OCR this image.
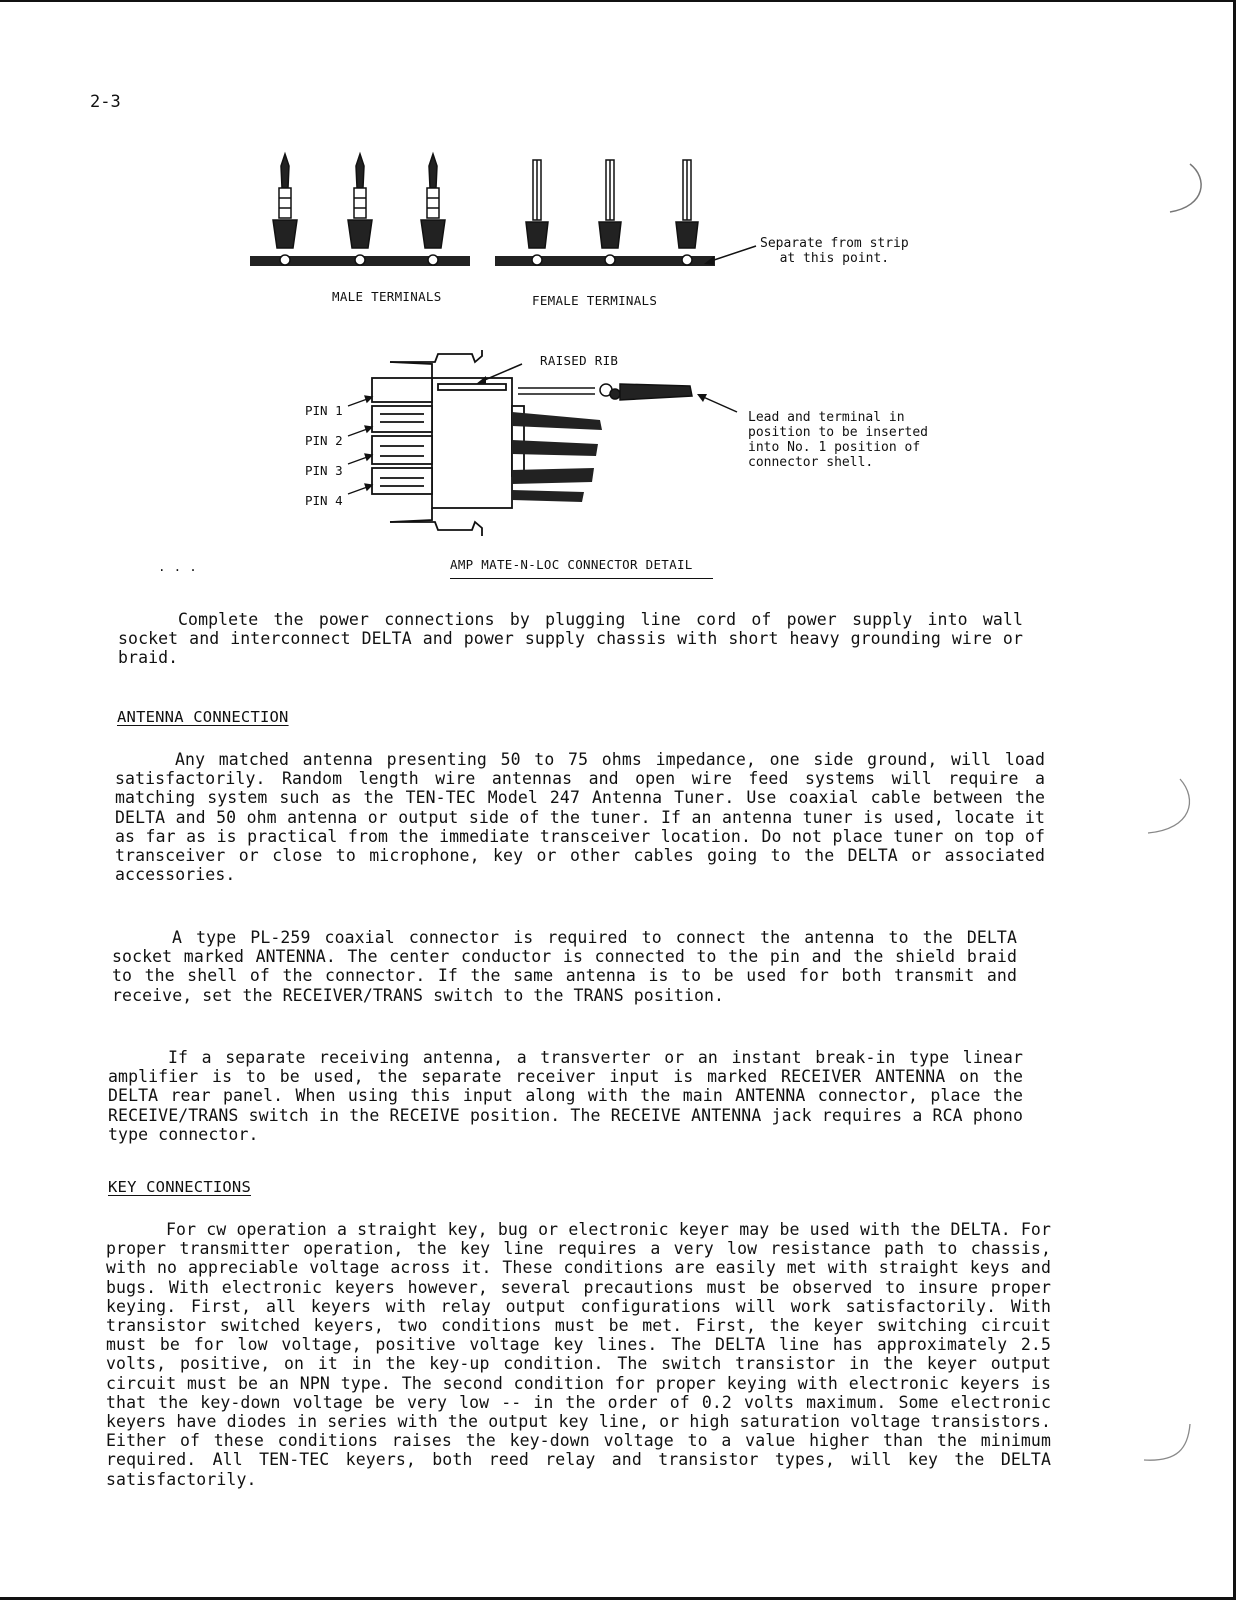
2-3
MALE TERMINALS	FEMALE TERMINALS
Separate from strip
at this point.
RAISED RIB
PIN 1
PIN 2
PIN 3
PIN 4
Lead and terminal in
position to be inserted
into No. 1 position of
connector shell.
AMP MATE-N-LOC CONNECTOR DETAIL
. . .
Complete the power connections by plugging line cord of power supply into wall socket and interconnect DELTA and power supply chassis with short heavy grounding wire or braid.
ANTENNA CONNECTION
Any matched antenna presenting 50 to 75 ohms impedance, one side ground, will load satisfactorily. Random length wire antennas and open wire feed systems will require a matching system such as the TEN-TEC Model 247 Antenna Tuner. Use coaxial cable between the DELTA and 50 ohm antenna or output side of the tuner. If an antenna tuner is used, locate it as far as is practical from the immediate transceiver location. Do not place tuner on top of transceiver or close to microphone, key or other cables going to the DELTA or associated accessories.
A type PL-259 coaxial connector is required to connect the antenna to the DELTA socket marked ANTENNA. The center conductor is connected to the pin and the shield braid to the shell of the connector. If the same antenna is to be used for both transmit and receive, set the RECEIVER/TRANS switch to the TRANS position.
If a separate receiving antenna, a transverter or an instant break-in type linear amplifier is to be used, the separate receiver input is marked RECEIVER ANTENNA on the DELTA rear panel. When using this input along with the main ANTENNA connector, place the RECEIVE/TRANS switch in the RECEIVE position. The RECEIVE ANTENNA jack requires a RCA phono type connector.
KEY CONNECTIONS
For cw operation a straight key, bug or electronic keyer may be used with the DELTA. For proper transmitter operation, the key line requires a very low resistance path to chassis, with no appreciable voltage across it. These conditions are easily met with straight keys and bugs. With electronic keyers however, several precautions must be observed to insure proper keying. First, all keyers with relay output configurations will work satisfactorily. With transistor switched keyers, two conditions must be met. First, the keyer switching circuit must be for low voltage, positive voltage key lines. The DELTA line has approximately 2.5 volts, positive, on it in the key-up condition. The switch transistor in the keyer output circuit must be an NPN type. The second condition for proper keying with electronic keyers is that the key-down voltage be very low -- in the order of 0.2 volts maximum. Some electronic keyers have diodes in series with the output key line, or high saturation voltage transistors. Either of these conditions raises the key-down voltage to a value higher than the minimum required. All TEN-TEC keyers, both reed relay and transistor types, will key the DELTA satisfactorily.
